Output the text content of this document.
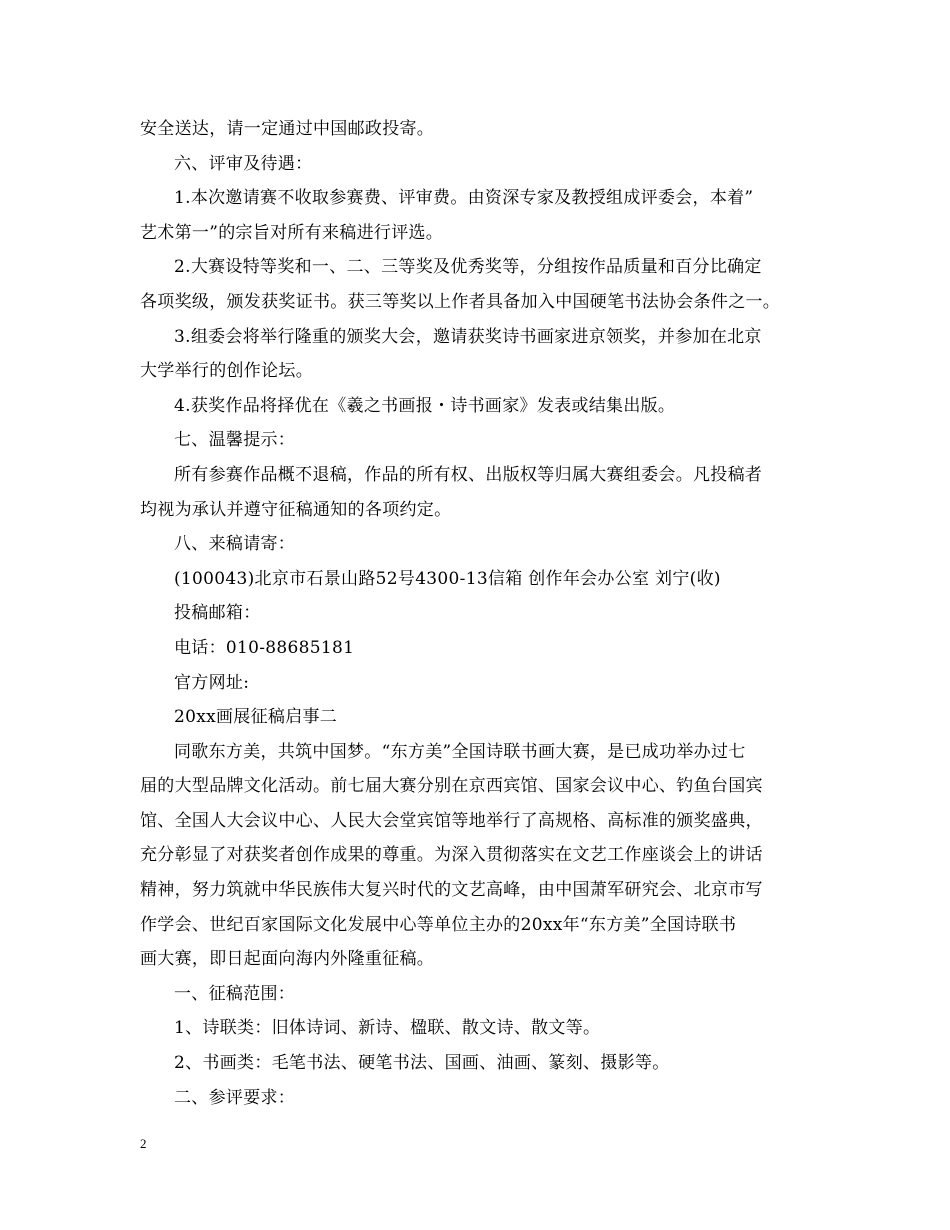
安全送达，请一定通过中国邮政投寄。

六、评审及待遇：

1.本次邀请赛不收取参赛费、评审费。由资深专家及教授组成评委会，本着”

艺术第一”的宗旨对所有来稿进行评选。

2.大赛设特等奖和一、二、三等奖及优秀奖等，分组按作品质量和百分比确定

各项奖级，颁发获奖证书。获三等奖以上作者具备加入中国硬笔书法协会条件之一。

3.组委会将举行隆重的颁奖大会，邀请获奖诗书画家进京领奖，并参加在北京

大学举行的创作论坛。

4.获奖作品将择优在《羲之书画报・诗书画家》发表或结集出版。

七、温馨提示：

所有参赛作品概不退稿，作品的所有权、出版权等归属大赛组委会。凡投稿者

均视为承认并遵守征稿通知的各项约定。

八、来稿请寄：

(100043)北京市石景山路52号4300-13信箱 创作年会办公室 刘宁(收)

投稿邮箱：

电话：010-88685181

官方网址:

20xx画展征稿启事二

同歌东方美，共筑中国梦。“东方美”全国诗联书画大赛，是已成功举办过七

届的大型品牌文化活动。前七届大赛分别在京西宾馆、国家会议中心、钓鱼台国宾

馆、全国人大会议中心、人民大会堂宾馆等地举行了高规格、高标准的颁奖盛典，

充分彰显了对获奖者创作成果的尊重。为深入贯彻落实在文艺工作座谈会上的讲话

精神，努力筑就中华民族伟大复兴时代的文艺高峰，由中国萧军研究会、北京市写

作学会、世纪百家国际文化发展中心等单位主办的20xx年“东方美”全国诗联书

画大赛，即日起面向海内外隆重征稿。

一、征稿范围：

1、诗联类：旧体诗词、新诗、楹联、散文诗、散文等。

2、书画类：毛笔书法、硬笔书法、国画、油画、篆刻、摄影等。

二、参评要求：

2
